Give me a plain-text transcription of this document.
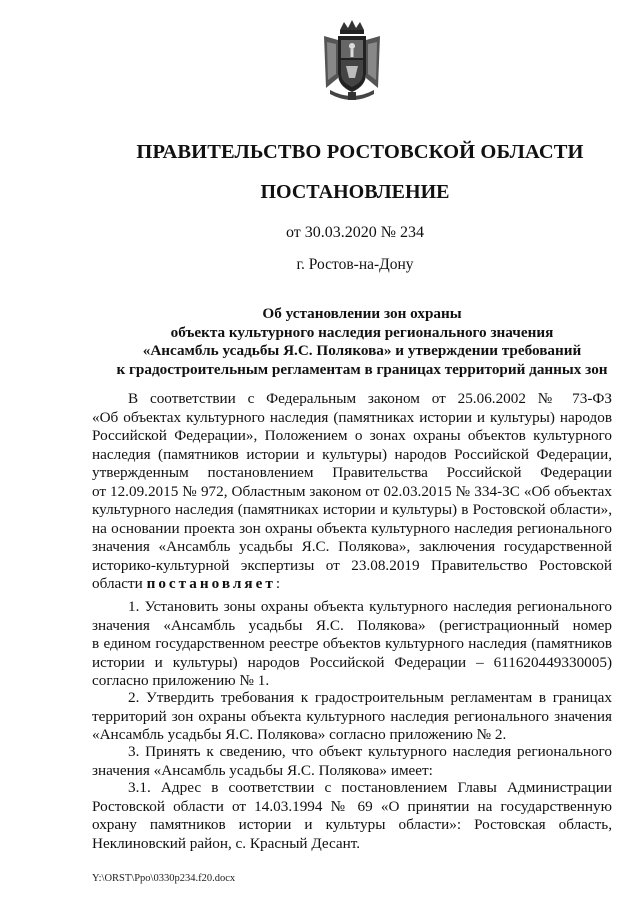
ПРАВИТЕЛЬСТВО РОСТОВСКОЙ ОБЛАСТИ
ПОСТАНОВЛЕНИЕ
от 30.03.2020 № 234
г. Ростов-на-Дону
Об установлении зон охраны
объекта культурного наследия регионального значения
«Ансамбль усадьбы Я.С. Полякова» и утверждении требований
к градостроительным регламентам в границах территорий данных зон
В соответствии с Федеральным законом от 25.06.2002 № 73-ФЗ
«Об объектах культурного наследия (памятниках истории и культуры) народов
Российской Федерации», Положением о зонах охраны объектов культурного
наследия (памятников истории и культуры) народов Российской Федерации,
утвержденным постановлением Правительства Российской Федерации
от 12.09.2015 № 972, Областным законом от 02.03.2015 № 334-ЗС «Об объектах
культурного наследия (памятниках истории и культуры) в Ростовской области»,
на основании проекта зон охраны объекта культурного наследия регионального
значения «Ансамбль усадьбы Я.С. Полякова», заключения государственной
историко-культурной экспертизы от 23.08.2019 Правительство Ростовской
области постановляет:
1. Установить зоны охраны объекта культурного наследия регионального
значения «Ансамбль усадьбы Я.С. Полякова» (регистрационный номер
в едином государственном реестре объектов культурного наследия (памятников
истории и культуры) народов Российской Федерации – 611620449330005)
согласно приложению № 1.
2. Утвердить требования к градостроительным регламентам в границах
территорий зон охраны объекта культурного наследия регионального значения
«Ансамбль усадьбы Я.С. Полякова» согласно приложению № 2.
3. Принять к сведению, что объект культурного наследия регионального
значения «Ансамбль усадьбы Я.С. Полякова» имеет:
3.1. Адрес в соответствии с постановлением Главы Администрации
Ростовской области от 14.03.1994 № 69 «О принятии на государственную
охрану памятников истории и культуры области»: Ростовская область,
Неклиновский район, с. Красный Десант.
Y:\ORST\Ppo\0330p234.f20.docx
